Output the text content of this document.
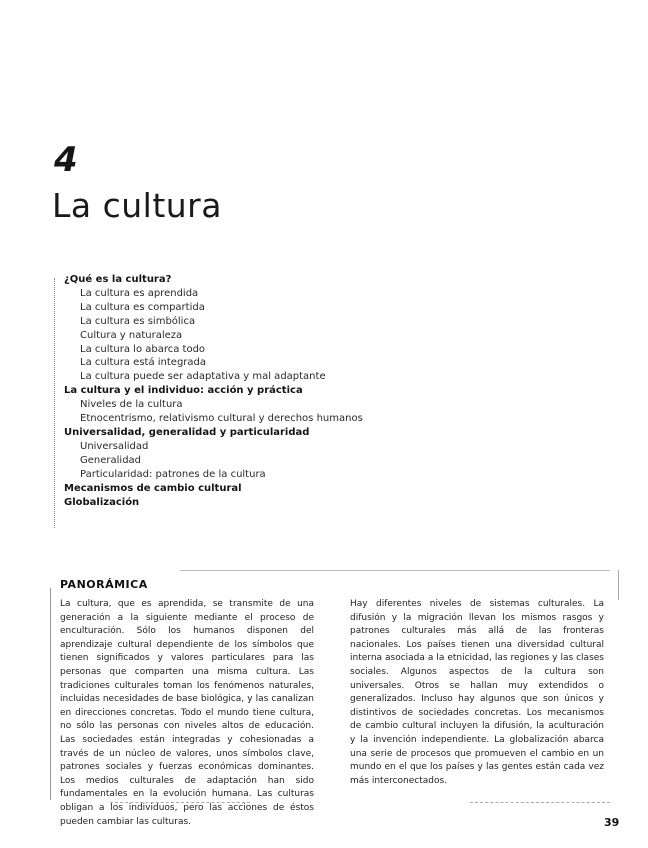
4
La cultura
¿Qué es la cultura?
La cultura es aprendida
La cultura es compartida
La cultura es simbólica
Cultura y naturaleza
La cultura lo abarca todo
La cultura está integrada
La cultura puede ser adaptativa y mal adaptante
La cultura y el individuo: acción y práctica
Niveles de la cultura
Etnocentrismo, relativismo cultural y derechos humanos
Universalidad, generalidad y particularidad
Universalidad
Generalidad
Particularidad: patrones de la cultura
Mecanismos de cambio cultural
Globalización
PANORÁMICA
La cultura, que es aprendida, se transmite de una generación a la siguiente mediante el proceso de enculturación. Sólo los humanos disponen del aprendizaje cultural dependiente de los símbolos que tienen significados y valores particulares para las personas que comparten una misma cultura. Las tradiciones culturales toman los fenómenos naturales, incluidas necesidades de base biológica, y las canalizan en direcciones concretas. Todo el mundo tiene cultura, no sólo las personas con niveles altos de educación. Las sociedades están integradas y cohesionadas a través de un núcleo de valores, unos símbolos clave, patrones sociales y fuerzas económicas dominantes. Los medios culturales de adaptación han sido fundamentales en la evolución humana. Las culturas obligan a los individuos, pero las acciones de éstos pueden cambiar las culturas.
Hay diferentes niveles de sistemas culturales. La difusión y la migración llevan los mismos rasgos y patrones culturales más allá de las fronteras nacionales. Los países tienen una diversidad cultural interna asociada a la etnicidad, las regiones y las clases sociales. Algunos aspectos de la cultura son universales. Otros se hallan muy extendidos o generalizados. Incluso hay algunos que son únicos y distintivos de sociedades concretas. Los mecanismos de cambio cultural incluyen la difusión, la aculturación y la invención independiente. La globalización abarca una serie de procesos que promueven el cambio en un mundo en el que los países y las gentes están cada vez más interconectados.
39
